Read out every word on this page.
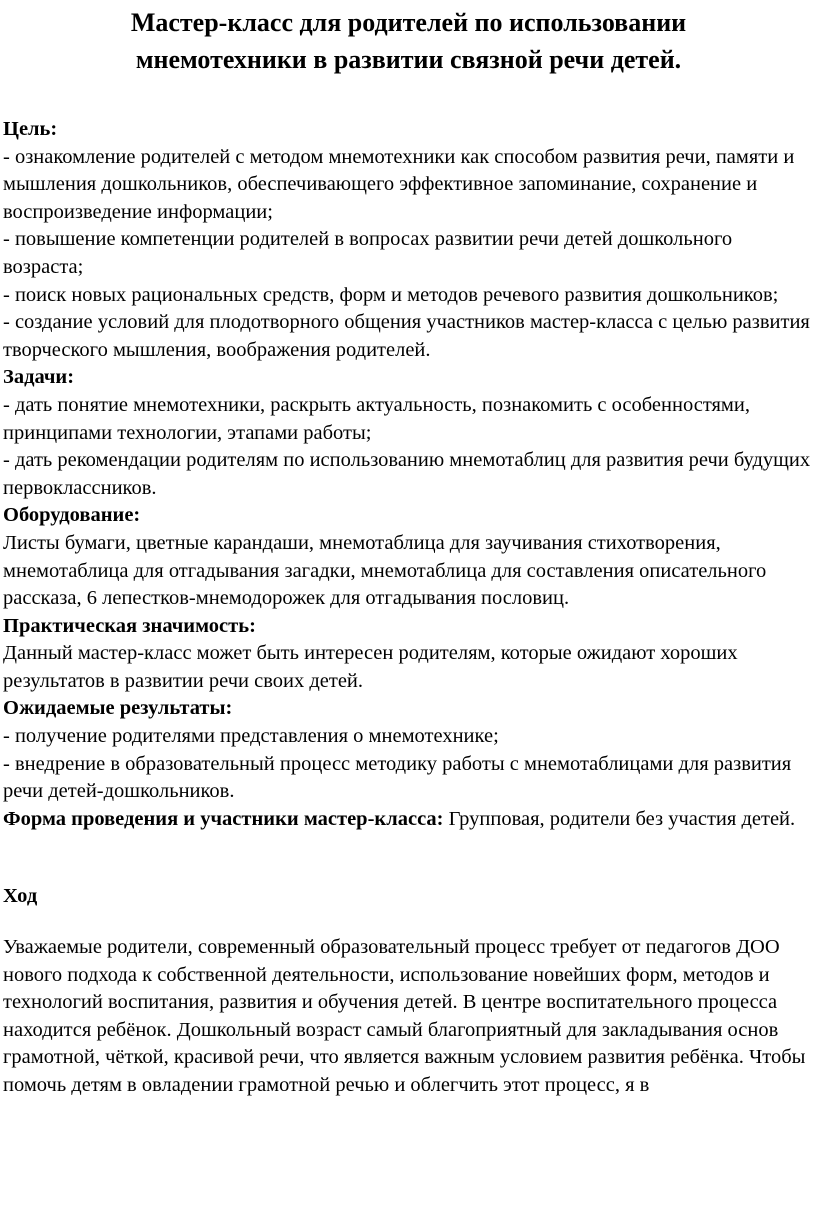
Мастер-класс для родителей по использовании
мнемотехники в развитии связной речи детей.

Цель:

- ознакомление родителей с методом мнемотехники как способом развития речи, памяти и мышления дошкольников, обеспечивающего эффективное запоминание, сохранение и воспроизведение информации;

- повышение компетенции родителей в вопросах развитии речи детей дошкольного возраста;

- поиск новых рациональных средств, форм и методов речевого развития дошкольников;

- создание условий для плодотворного общения участников мастер-класса с целью развития творческого мышления, воображения родителей.

Задачи:

- дать понятие мнемотехники, раскрыть актуальность, познакомить с особенностями, принципами технологии, этапами работы;

- дать рекомендации родителям по использованию мнемотаблиц для развития речи будущих первоклассников.

Оборудование:

Листы бумаги, цветные карандаши, мнемотаблица для заучивания стихотворения, мнемотаблица для отгадывания загадки, мнемотаблица для составления описательного рассказа, 6 лепестков-мнемодорожек для отгадывания пословиц.

Практическая значимость:

Данный мастер-класс может быть интересен родителям, которые ожидают хороших результатов в развитии речи своих детей.

Ожидаемые результаты:

- получение родителями представления о мнемотехнике;

- внедрение в образовательный процесс методику работы с мнемотаблицами для развития речи детей-дошкольников.

Форма проведения и участники мастер-класса: Групповая, родители без участия детей.

Ход

Уважаемые родители, современный образовательный процесс требует от педагогов ДОО нового подхода к собственной деятельности, использование новейших форм, методов и технологий воспитания, развития и обучения детей. В центре воспитательного процесса находится ребёнок. Дошкольный возраст самый благоприятный для закладывания основ грамотной, чёткой, красивой речи, что является важным условием развития ребёнка. Чтобы помочь детям в овладении грамотной речью и облегчить этот процесс, я в
